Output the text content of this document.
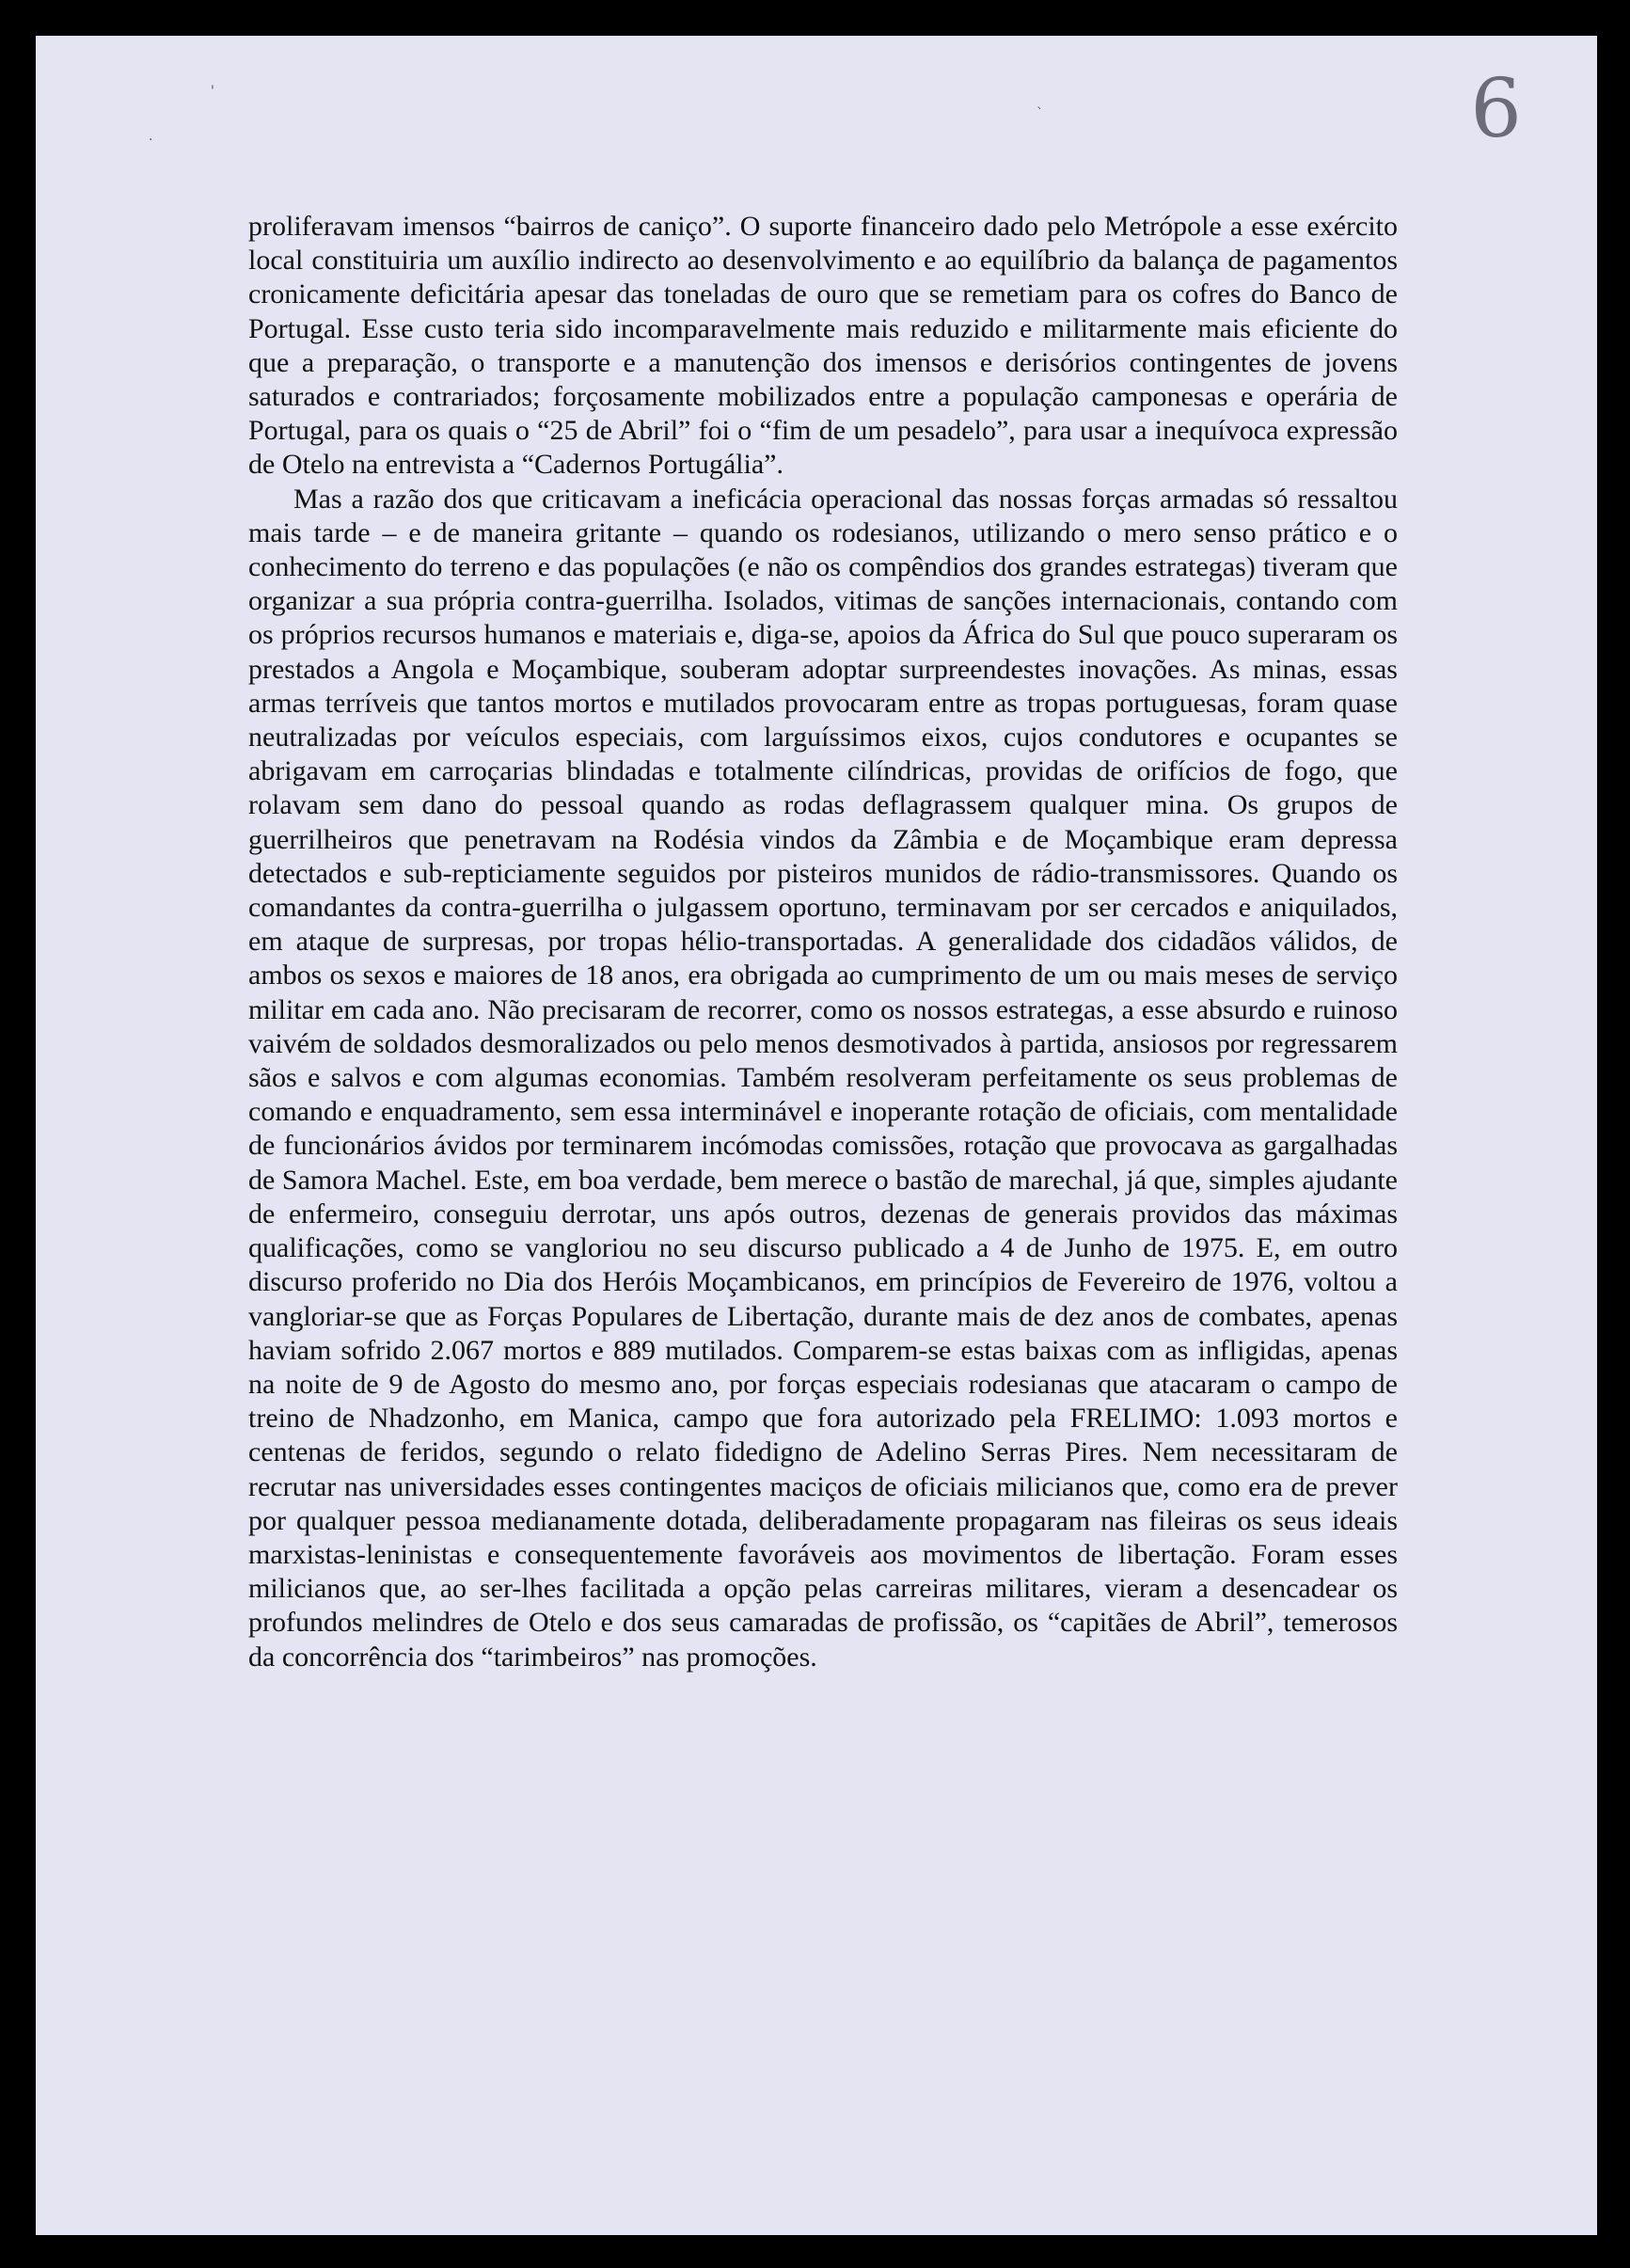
'
`
.	6

proliferavam imensos “bairros de caniço”. O suporte financeiro dado pelo Metrópole a esse exército local constituiria um auxílio indirecto ao desenvolvimento e ao equilíbrio da balança de pagamentos cronicamente deficitária apesar das toneladas de ouro que se remetiam para os cofres do Banco de Portugal. Esse custo teria sido incomparavelmente mais reduzido e militarmente mais eficiente do que a preparação, o transporte e a manutenção dos imensos e derisórios contingentes de jovens saturados e contrariados; forçosamente mobilizados entre a população camponesas e operária de Portugal, para os quais o “25 de Abril” foi o “fim de um pesadelo”, para usar a inequívoca expressão de Otelo na entrevista a “Cadernos Portugália”.

Mas a razão dos que criticavam a ineficácia operacional das nossas forças armadas só ressaltou mais tarde – e de maneira gritante – quando os rodesianos, utilizando o mero senso prático e o conhecimento do terreno e das populações (e não os compêndios dos grandes estrategas) tiveram que organizar a sua própria contra-guerrilha. Isolados, vitimas de sanções internacionais, contando com os próprios recursos humanos e materiais e, diga-se, apoios da África do Sul que pouco superaram os prestados a Angola e Moçambique, souberam adoptar surpreendestes inovações. As minas, essas armas terríveis que tantos mortos e mutilados provocaram entre as tropas portuguesas, foram quase neutralizadas por veículos especiais, com larguíssimos eixos, cujos condutores e ocupantes se abrigavam em carroçarias blindadas e totalmente cilíndricas, providas de orifícios de fogo, que rolavam sem dano do pessoal quando as rodas deflagrassem qualquer mina. Os grupos de guerrilheiros que penetravam na Rodésia vindos da Zâmbia e de Moçambique eram depressa detectados e sub-repticiamente seguidos por pisteiros munidos de rádio-transmissores. Quando os comandantes da contra-guerrilha o julgassem oportuno, terminavam por ser cercados e aniquilados, em ataque de surpresas, por tropas hélio-transportadas. A generalidade dos cidadãos válidos, de ambos os sexos e maiores de 18 anos, era obrigada ao cumprimento de um ou mais meses de serviço militar em cada ano. Não precisaram de recorrer, como os nossos estrategas, a esse absurdo e ruinoso vaivém de soldados desmoralizados ou pelo menos desmotivados à partida, ansiosos por regressarem sãos e salvos e com algumas economias. Também resolveram perfeitamente os seus problemas de comando e enquadramento, sem essa interminável e inoperante rotação de oficiais, com mentalidade de funcionários ávidos por terminarem incómodas comissões, rotação que provocava as gargalhadas de Samora Machel. Este, em boa verdade, bem merece o bastão de marechal, já que, simples ajudante de enfermeiro, conseguiu derrotar, uns após outros, dezenas de generais providos das máximas qualificações, como se vangloriou no seu discurso publicado a 4 de Junho de 1975. E, em outro discurso proferido no Dia dos Heróis Moçambicanos, em princípios de Fevereiro de 1976, voltou a vangloriar-se que as Forças Populares de Libertação, durante mais de dez anos de combates, apenas haviam sofrido 2.067 mortos e 889 mutilados. Comparem-se estas baixas com as infligidas, apenas na noite de 9 de Agosto do mesmo ano, por forças especiais rodesianas que atacaram o campo de treino de Nhadzonho, em Manica, campo que fora autorizado pela FRELIMO: 1.093 mortos e centenas de feridos, segundo o relato fidedigno de Adelino Serras Pires. Nem necessitaram de recrutar nas universidades esses contingentes maciços de oficiais milicianos que, como era de prever por qualquer pessoa medianamente dotada, deliberadamente propagaram nas fileiras os seus ideais marxistas-leninistas e consequentemente favoráveis aos movimentos de libertação. Foram esses milicianos que, ao ser-lhes facilitada a opção pelas carreiras militares, vieram a desencadear os profundos melindres de Otelo e dos seus camaradas de profissão, os “capitães de Abril”, temerosos da concorrência dos “tarimbeiros” nas promoções.
